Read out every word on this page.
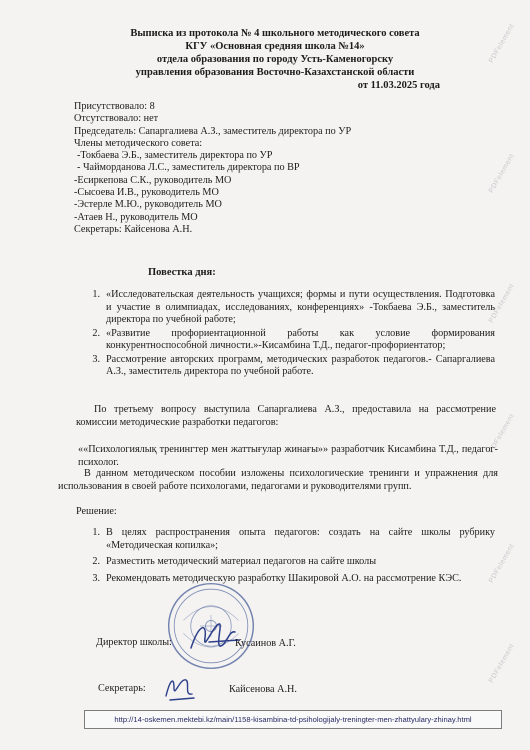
PDFelement
PDFelement
PDFelement
PDFelement
PDFelement
PDFelement
Выписка из протокола № 4 школьного методического совета
КГУ «Основная средняя школа №14»
отдела образования по городу Усть-Каменогорску
управления образования Восточно-Казахстанской области
от 11.03.2025 года
Присутствовало: 8
Отсутствовало: нет
Председатель: Сапаргалиева А.З., заместитель директора по УР
Члены методического совета:
-Токбаева Э.Б., заместитель директора по УР
- Чайморданова Л.С., заместитель директора по ВР
-Есиркепова С.К., руководитель МО
-Сысоева И.В., руководитель МО
-Эстерле М.Ю., руководитель МО
-Атаев Н., руководитель МО
Секретарь: Кайсенова А.Н.
Повестка дня:
1. «Исследовательская деятельность учащихся; формы и пути осуществления. Подготовка и участие в олимпиадах, исследованиях, конференциях» -Токбаева Э.Б., заместитель директора по учебной работе;
2. «Развитие профориентационной работы как условие формирования конкурентноспособной личности.»-Кисамбина Т.Д., педагог-профориентатор;
3. Рассмотрение авторских программ, методических разработок педагогов.- Сапаргалиева А.З., заместитель директора по учебной работе.
По третьему вопросу выступила Сапаргалиева А.З., предоставила на рассмотрение комиссии методические разработки педагогов:
««Психологиялық тренингтер мен жаттығулар жинағы»» разработчик Кисамбина Т.Д., педагог-психолог.
В данном методическом пособии изложены психологические тренинги и упражнения для использования в своей работе психологами, педагогами и руководителями групп.
Решение:
1. В целях распространения опыта педагогов: создать на сайте школы рубрику «Методическая копилка»;
2. Разместить методический материал педагогов на сайте школы
3. Рекомендовать методическую разработку Шакировой А.О. на рассмотрение КЭС.
Директор школы:	Кусаинов А.Г.
Секретарь:	Кайсенова А.Н.
http://14-oskemen.mektebi.kz/main/1158-kisambina-td-psihologijaly-treningter-men-zhattyulary-zhinay.html
